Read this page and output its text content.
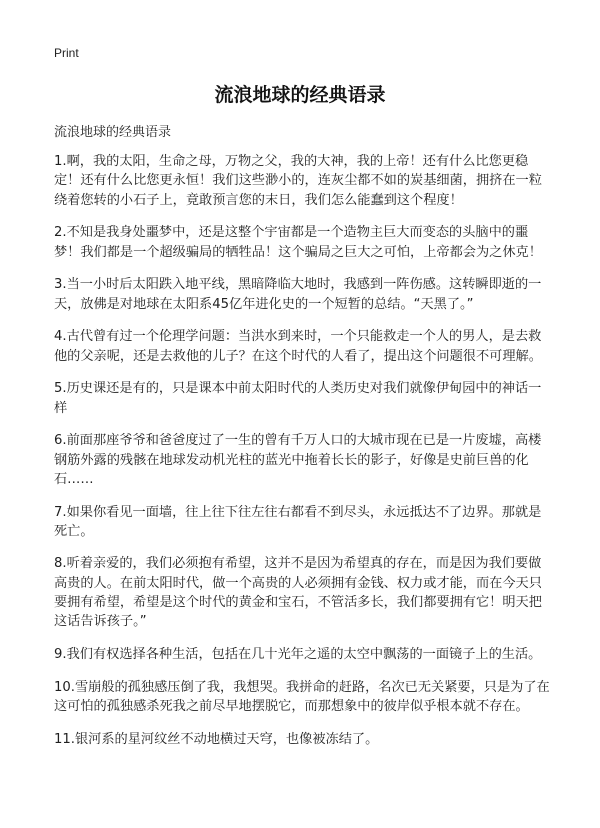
Print
流浪地球的经典语录
流浪地球的经典语录

1.啊，我的太阳，生命之母，万物之父，我的大神，我的上帝！还有什么比您更稳定！还有什么比您更永恒！我们这些渺小的，连灰尘都不如的炭基细菌，拥挤在一粒绕着您转的小石子上，竟敢预言您的末日，我们怎么能蠢到这个程度！

2.不知是我身处噩梦中，还是这整个宇宙都是一个造物主巨大而变态的头脑中的噩梦！我们都是一个超级骗局的牺牲品！这个骗局之巨大之可怕，上帝都会为之休克！

3.当一小时后太阳跌入地平线，黑暗降临大地时，我感到一阵伤感。这转瞬即逝的一天，放佛是对地球在太阳系45亿年进化史的一个短暂的总结。“天黑了。”

4.古代曾有过一个伦理学问题：当洪水到来时，一个只能救走一个人的男人，是去救他的父亲呢，还是去救他的儿子？在这个时代的人看了，提出这个问题很不可理解。

5.历史课还是有的，只是课本中前太阳时代的人类历史对我们就像伊甸园中的神话一样

6.前面那座爷爷和爸爸度过了一生的曾有千万人口的大城市现在已是一片废墟，高楼钢筋外露的残骸在地球发动机光柱的蓝光中拖着长长的影子，好像是史前巨兽的化石……

7.如果你看见一面墙，往上往下往左往右都看不到尽头，永远抵达不了边界。那就是死亡。

8.听着亲爱的，我们必须抱有希望，这并不是因为希望真的存在，而是因为我们要做高贵的人。在前太阳时代，做一个高贵的人必须拥有金钱、权力或才能，而在今天只要拥有希望，希望是这个时代的黄金和宝石，不管活多长，我们都要拥有它！明天把这话告诉孩子。”

9.我们有权选择各种生活，包括在几十光年之遥的太空中飘荡的一面镜子上的生活。

10.雪崩般的孤独感压倒了我，我想哭。我拼命的赶路，名次已无关紧要，只是为了在这可怕的孤独感杀死我之前尽早地摆脱它，而那想象中的彼岸似乎根本就不存在。

11.银河系的星河纹丝不动地横过天穹，也像被冻结了。
